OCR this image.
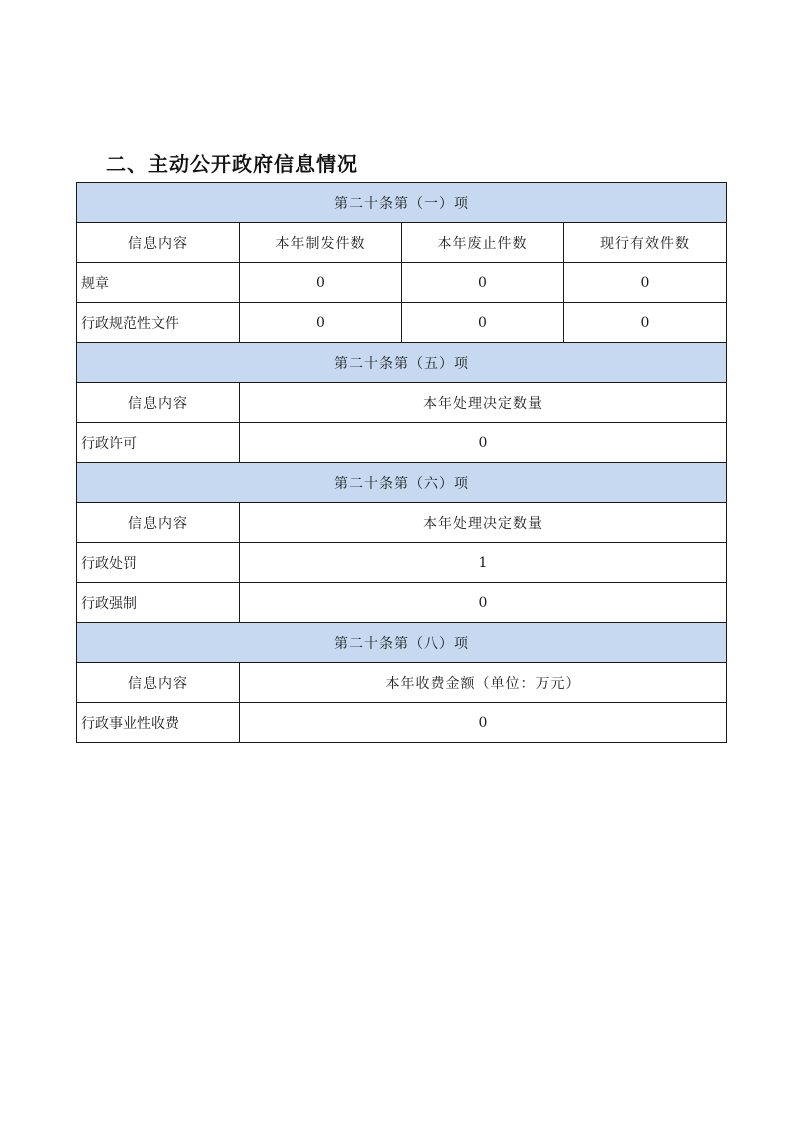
二、主动公开政府信息情况
第二十条第（一）项			
信息内容	本年制发件数	本年废止件数	现行有效件数
规章	0	0	0
行政规范性文件	0	0	0
第二十条第（五）项			
信息内容	本年处理决定数量		
行政许可	0		
第二十条第（六）项			
信息内容	本年处理决定数量		
行政处罚	1		
行政强制	0		
第二十条第（八）项			
信息内容	本年收费金额（单位：万元）		
行政事业性收费	0		
